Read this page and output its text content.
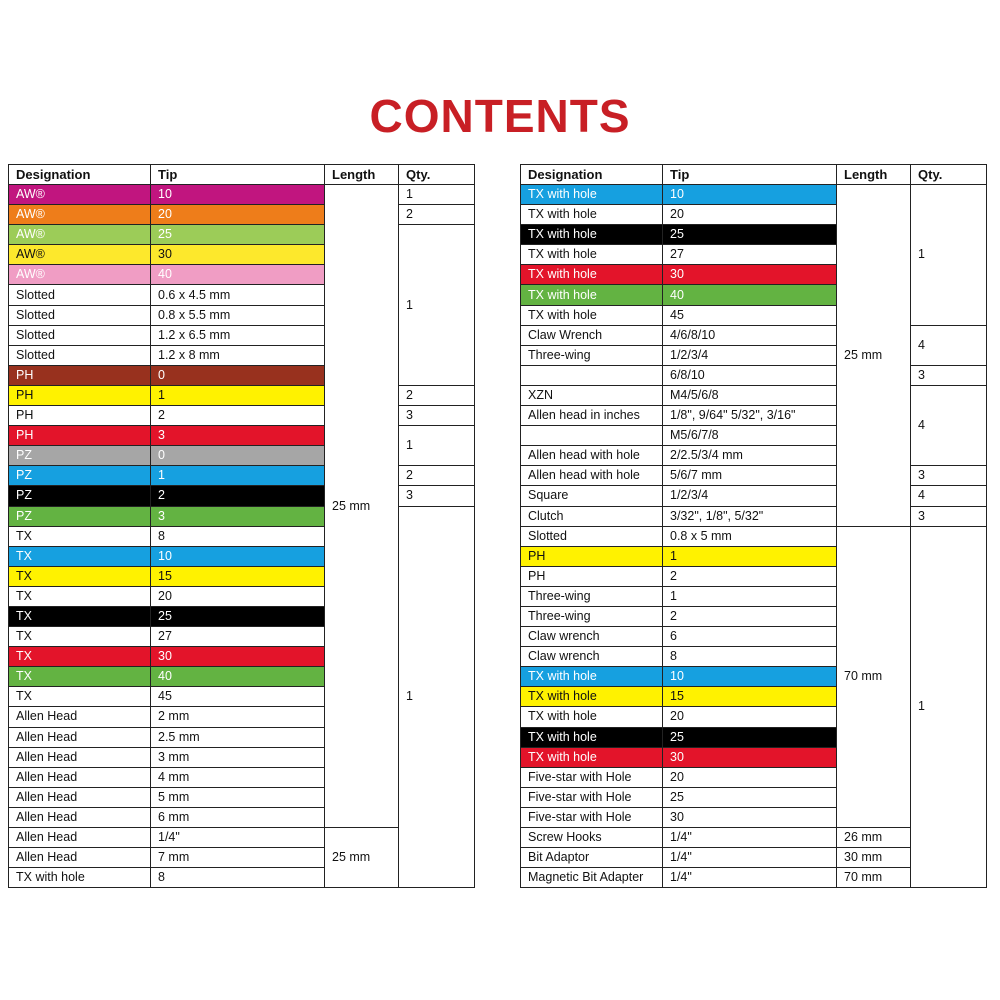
CONTENTS
Designation	Tip	Length	Qty.
AW®	10	25 mm	1
AW®	20		2
AW®	25		1
AW®	30		
AW®	40		
Slotted	0.6 x 4.5 mm		
Slotted	0.8 x 5.5 mm		
Slotted	1.2 x 6.5 mm		
Slotted	1.2 x 8 mm		
PH	0		
PH	1		2
PH	2		3
PH	3		1
PZ	0		
PZ	1		2
PZ	2		3
PZ	3		1
TX	8		
TX	10		
TX	15		
TX	20		
TX	25		
TX	27		
TX	30		
TX	40		
TX	45		
Allen Head	2 mm		
Allen Head	2.5 mm		
Allen Head	3 mm		
Allen Head	4 mm		
Allen Head	5 mm		
Allen Head	6 mm		
Allen Head	1/4"	25 mm	
Allen Head	7 mm		
TX with hole	8		
Designation	Tip	Length	Qty.
TX with hole	10	25 mm	1
TX with hole	20		
TX with hole	25		
TX with hole	27		
TX with hole	30		
TX with hole	40		
TX with hole	45		
Claw Wrench	4/6/8/10		4
Three-wing	1/2/3/4		
	6/8/10		3
XZN	M4/5/6/8		4
Allen head in inches	1/8", 9/64" 5/32", 3/16"		
	M5/6/7/8		
Allen head with hole	2/2.5/3/4 mm		
Allen head with hole	5/6/7 mm		3
Square	1/2/3/4		4
Clutch	3/32", 1/8", 5/32"		3
Slotted	0.8 x 5 mm	70 mm	1
PH	1		
PH	2		
Three-wing	1		
Three-wing	2		
Claw wrench	6		
Claw wrench	8		
TX with hole	10		
TX with hole	15		
TX with hole	20		
TX with hole	25		
TX with hole	30		
Five-star with Hole	20		
Five-star with Hole	25		
Five-star with Hole	30		
Screw Hooks	1/4"	26 mm	
Bit Adaptor	1/4"	30 mm	
Magnetic Bit Adapter	1/4"	70 mm	
